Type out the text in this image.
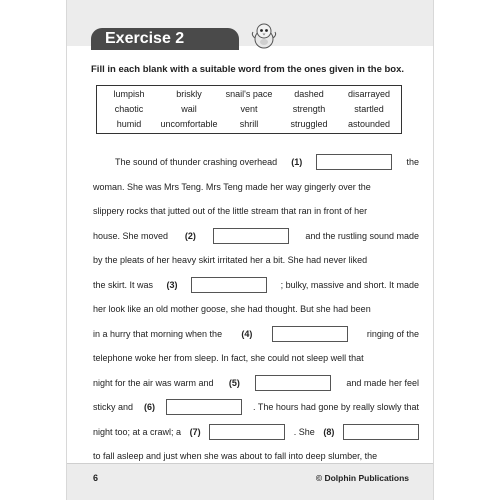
Exercise 2
Fill in each blank with a suitable word from the ones given in the box.
lumpish	briskly	snail's pace	dashed	disarrayed
chaotic	wail	vent	strength	startled
humid	uncomfortable	shrill	struggled	astounded
The sound of thunder crashing overhead (1)	the
woman. She was Mrs Teng. Mrs Teng made her way gingerly over the
slippery rocks that jutted out of the little stream that ran in front of her
house. She moved (2)	and the rustling sound made
by the pleats of her heavy skirt irritated her a bit. She had never liked
the skirt. It was (3)	; bulky, massive and short. It made
her look like an old mother goose, she had thought. But she had been
in a hurry that morning when the (4)	ringing of the
telephone woke her from sleep. In fact, she could not sleep well that
night for the air was warm and (5)	and made her feel
sticky and (6)	. The hours had gone by really slowly that
night too; at a crawl; a (7)	. She (8)
to fall asleep and just when she was about to fall into deep slumber, the
6	© Dolphin Publications
